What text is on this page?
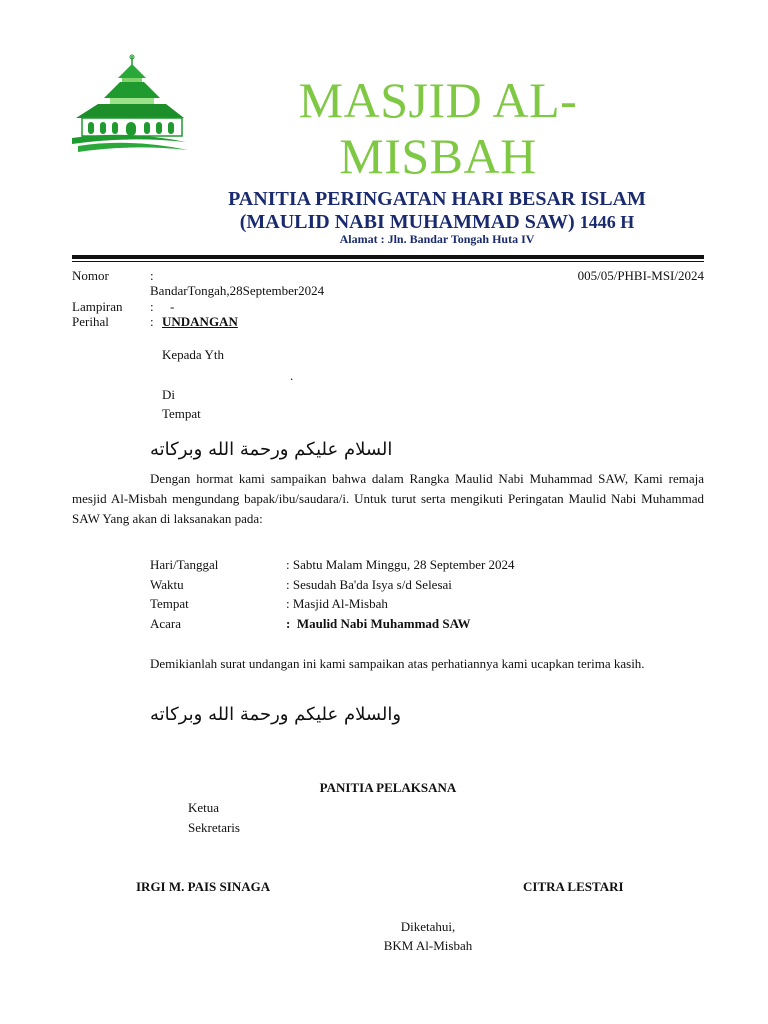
MASJID AL-
MISBAH
PANITIA PERINGATAN HARI BESAR ISLAM
(MAULID NABI MUHAMMAD SAW) 1446 H
Alamat : Jln. Bandar Tongah Huta IV
Nomor	:	005/05/PHBI-MSI/2024
BandarTongah,28September2024
Lampiran : -
Perihal	: UNDANGAN
Kepada Yth
.
Di
Tempat
السلام عليكم ورحمة الله وبركاته
Dengan hormat kami sampaikan bahwa dalam Rangka Maulid Nabi Muhammad SAW, Kami remaja mesjid Al-Misbah mengundang bapak/ibu/saudara/i. Untuk turut serta mengikuti Peringatan Maulid Nabi Muhammad SAW Yang akan di laksanakan pada:
Hari/Tanggal	: Sabtu Malam Minggu, 28 September 2024
Waktu	: Sesudah Ba'da Isya s/d Selesai
Tempat	: Masjid Al-Misbah
Acara	:  Maulid Nabi Muhammad SAW
Demikianlah surat undangan ini kami sampaikan atas perhatiannya kami ucapkan terima kasih.
والسلام عليكم ورحمة الله وبركاته
PANITIA PELAKSANA
Ketua
Sekretaris
IRGI M. PAIS SINAGA	CITRA LESTARI
Diketahui,
BKM Al-Misbah
